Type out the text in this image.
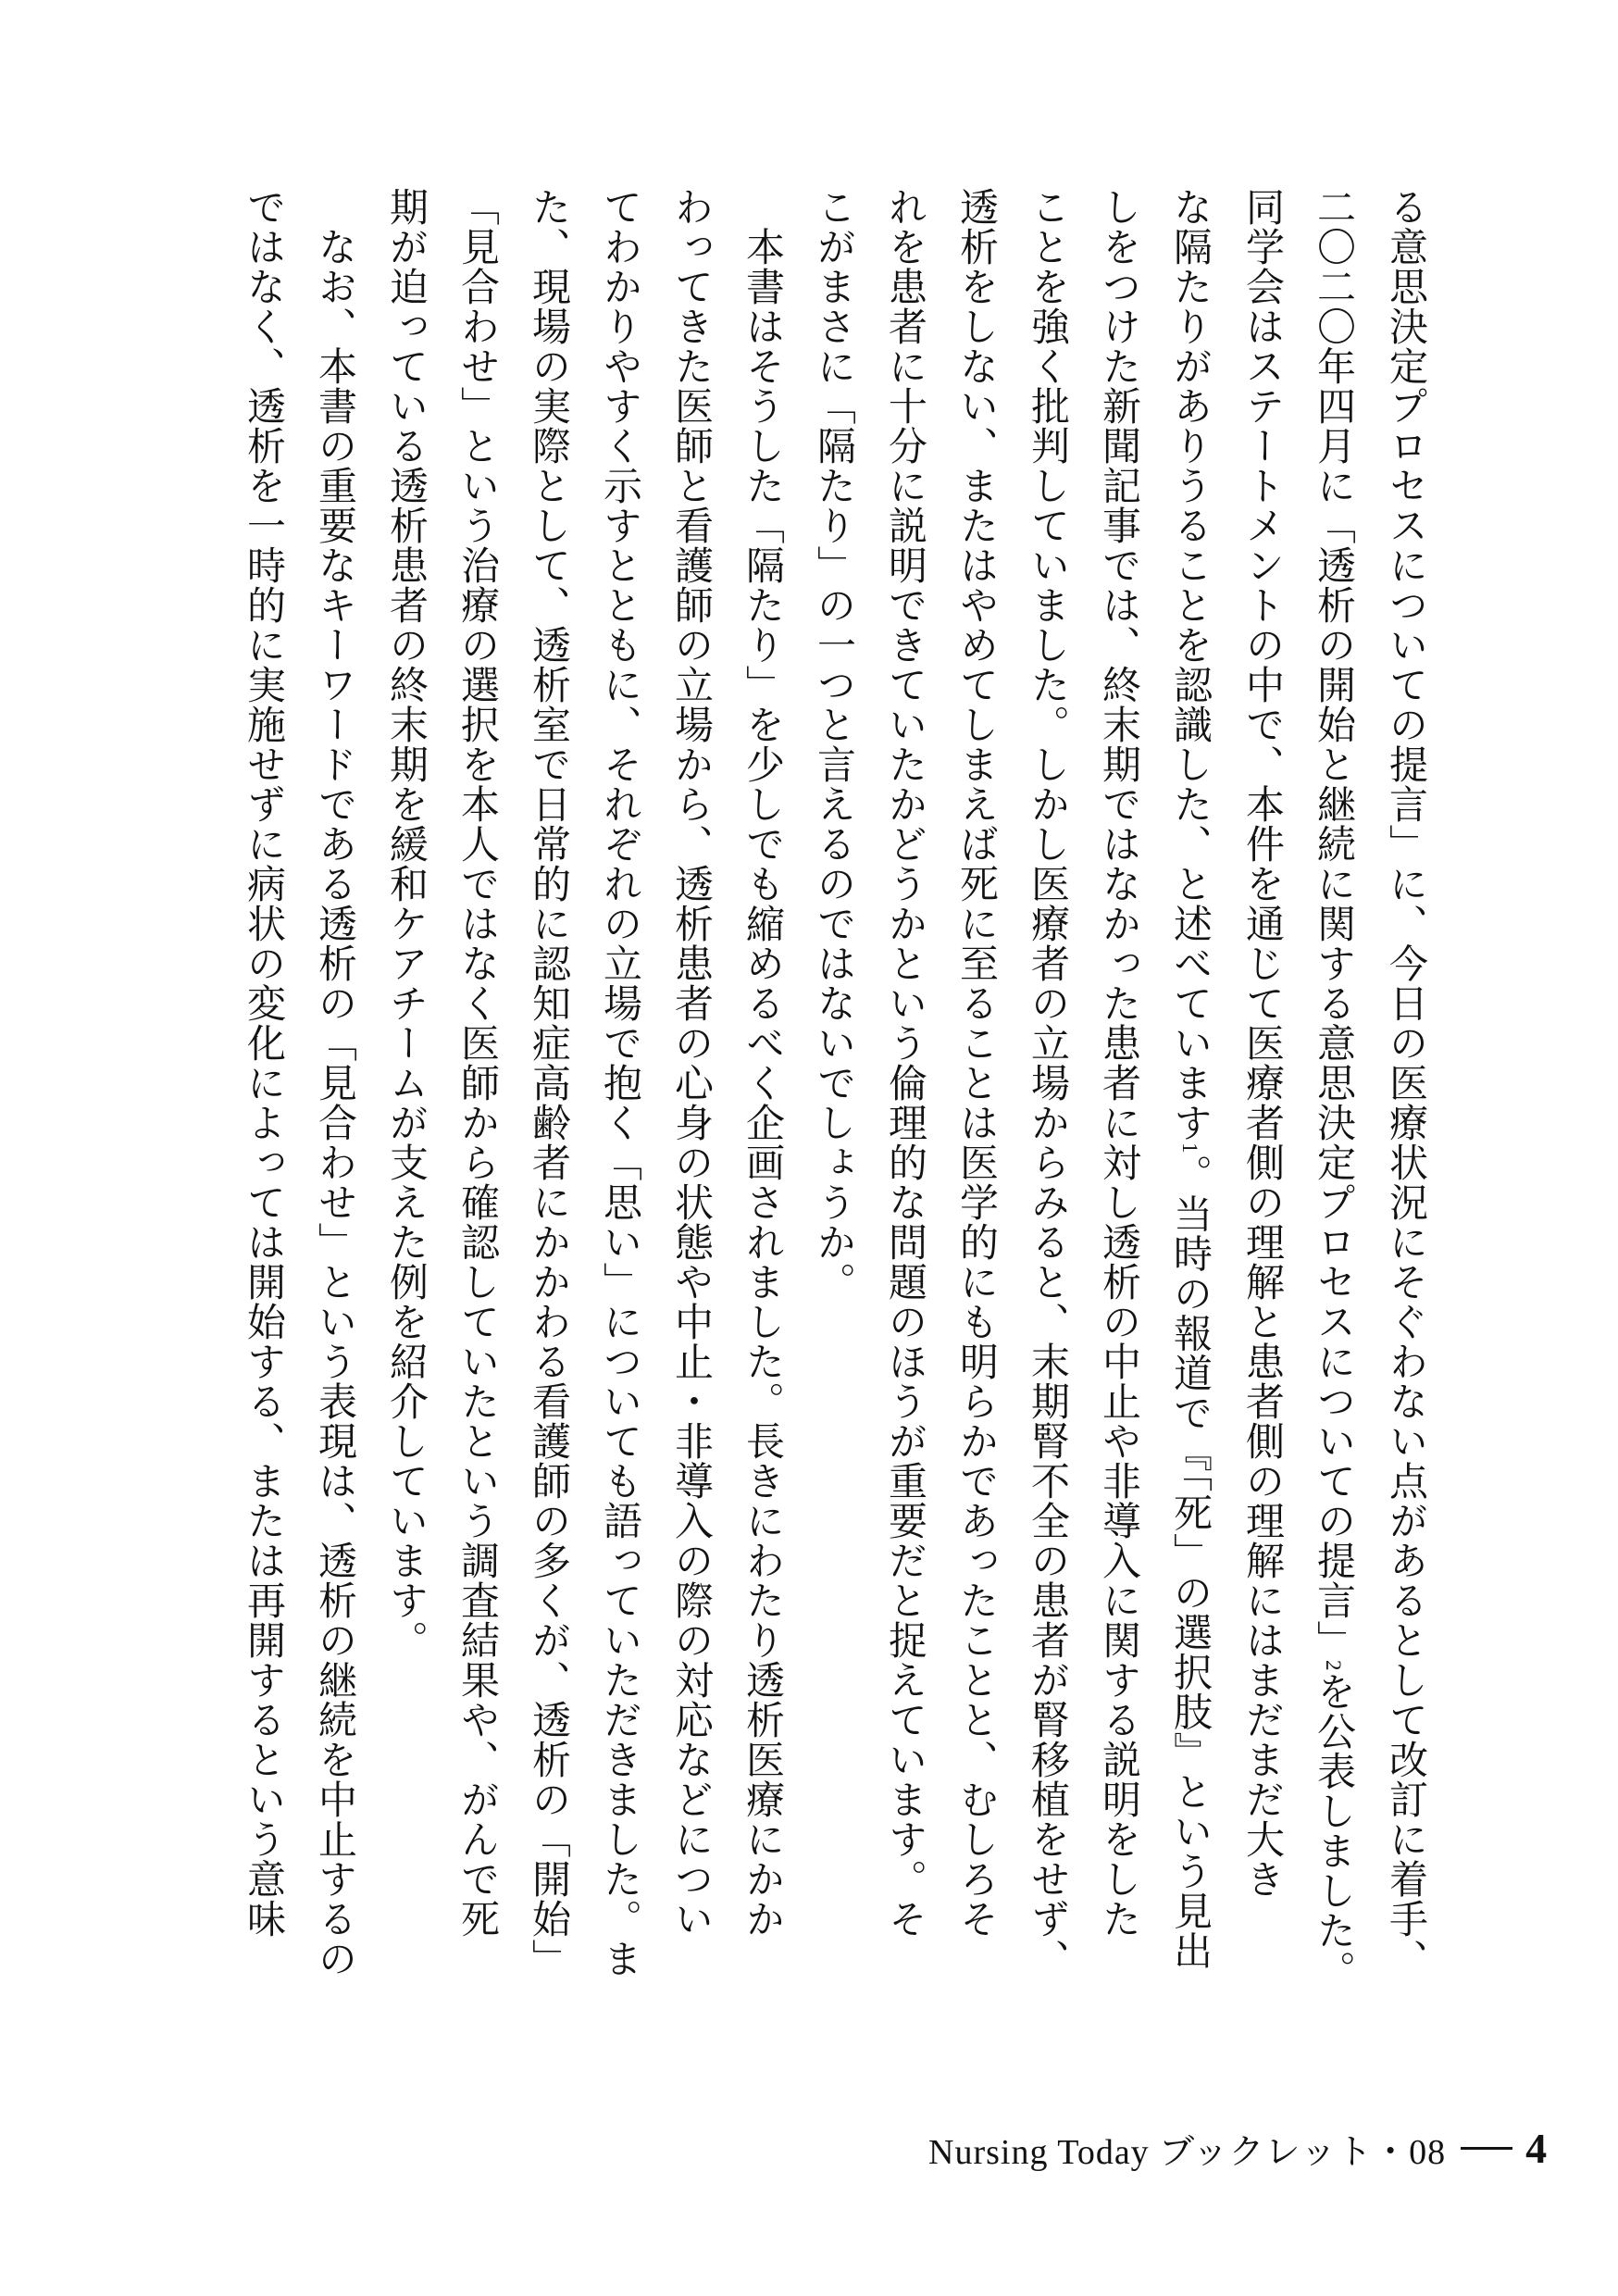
る意思決定プロセスについての提言」に、今日の医療状況にそぐわない点があるとして改訂に着手、
二〇二〇年四月に「透析の開始と継続に関する意思決定プロセスについての提言」2を公表しました。
同学会はステートメントの中で、本件を通じて医療者側の理解と患者側の理解にはまだまだ大き
な隔たりがありうることを認識した、と述べています1。当時の報道で『「死」の選択肢』という見出
しをつけた新聞記事では、終末期ではなかった患者に対し透析の中止や非導入に関する説明をした
ことを強く批判していました。しかし医療者の立場からみると、末期腎不全の患者が腎移植をせず、
透析をしない、またはやめてしまえば死に至ることは医学的にも明らかであったことと、むしろそ
れを患者に十分に説明できていたかどうかという倫理的な問題のほうが重要だと捉えています。そ
こがまさに「隔たり」の一つと言えるのではないでしょうか。
　本書はそうした「隔たり」を少しでも縮めるべく企画されました。長きにわたり透析医療にかか
わってきた医師と看護師の立場から、透析患者の心身の状態や中止・非導入の際の対応などについ
てわかりやすく示すとともに、それぞれの立場で抱く「思い」についても語っていただきました。ま
た、現場の実際として、透析室で日常的に認知症高齢者にかかわる看護師の多くが、透析の「開始」
「見合わせ」という治療の選択を本人ではなく医師から確認していたという調査結果や、がんで死
期が迫っている透析患者の終末期を緩和ケアチームが支えた例を紹介しています。
　なお、本書の重要なキーワードである透析の「見合わせ」という表現は、透析の継続を中止するの
ではなく、透析を一時的に実施せずに病状の変化によっては開始する、または再開するという意味
Nursing Today ブックレット・08 4
